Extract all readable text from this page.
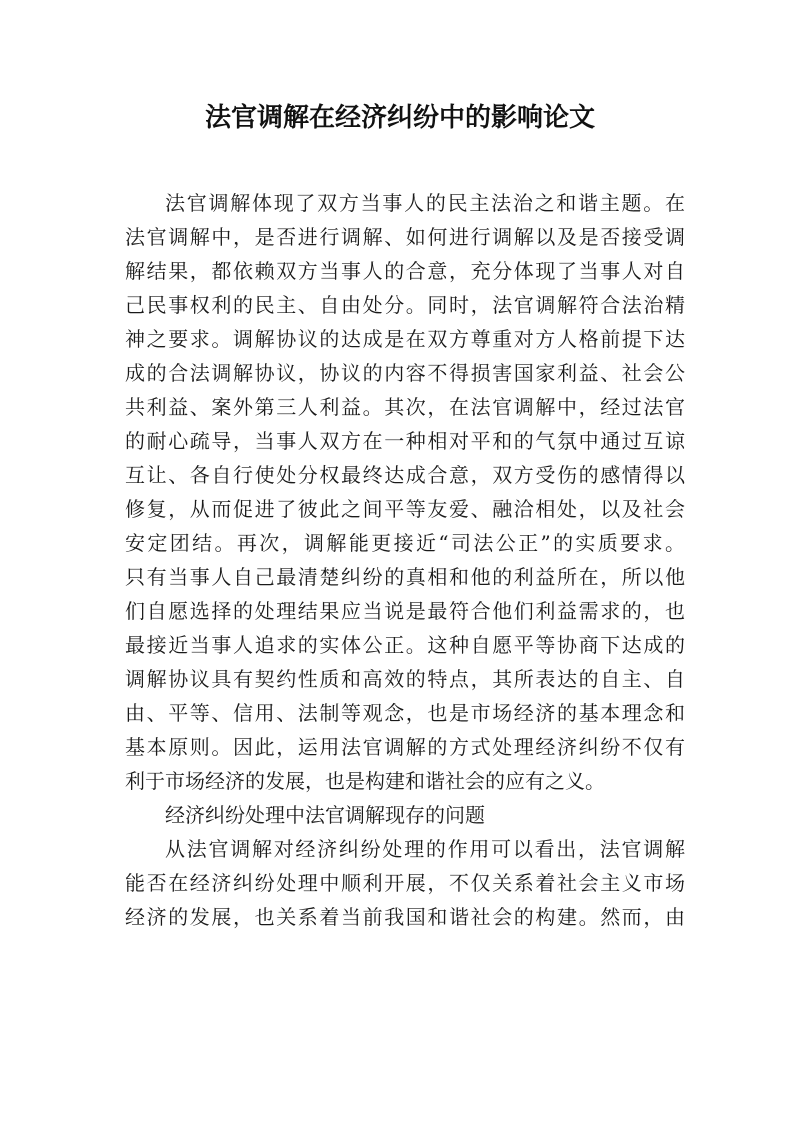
法官调解在经济纠纷中的影响论文
法官调解体现了双方当事人的民主法治之和谐主题。在
法官调解中，是否进行调解、如何进行调解以及是否接受调
解结果，都依赖双方当事人的合意，充分体现了当事人对自
己民事权利的民主、自由处分。同时，法官调解符合法治精
神之要求。调解协议的达成是在双方尊重对方人格前提下达
成的合法调解协议，协议的内容不得损害国家利益、社会公
共利益、案外第三人利益。其次，在法官调解中，经过法官
的耐心疏导，当事人双方在一种相对平和的气氛中通过互谅
互让、各自行使处分权最终达成合意，双方受伤的感情得以
修复，从而促进了彼此之间平等友爱、融洽相处，以及社会
安定团结。再次，调解能更接近“司法公正”的实质要求。
只有当事人自己最清楚纠纷的真相和他的利益所在，所以他
们自愿选择的处理结果应当说是最符合他们利益需求的，也
最接近当事人追求的实体公正。这种自愿平等协商下达成的
调解协议具有契约性质和高效的特点，其所表达的自主、自
由、平等、信用、法制等观念，也是市场经济的基本理念和
基本原则。因此，运用法官调解的方式处理经济纠纷不仅有
利于市场经济的发展，也是构建和谐社会的应有之义。
经济纠纷处理中法官调解现存的问题
从法官调解对经济纠纷处理的作用可以看出，法官调解
能否在经济纠纷处理中顺利开展，不仅关系着社会主义市场
经济的发展，也关系着当前我国和谐社会的构建。然而，由
